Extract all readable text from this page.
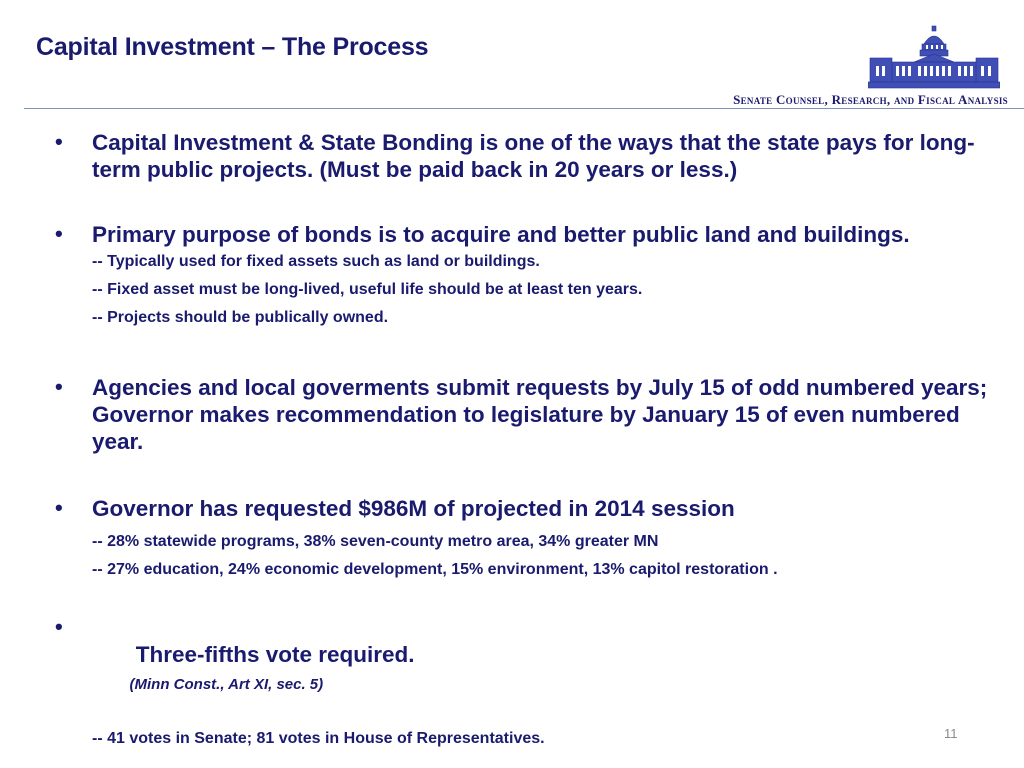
Capital Investment – The Process
Senate Counsel, Research, and Fiscal Analysis
• Capital Investment & State Bonding is one of the ways that the state pays for long-term public projects. (Must be paid back in 20 years or less.)
• Primary purpose of bonds is to acquire and better public land and buildings.
-- Typically used for fixed assets such as land or buildings.
-- Fixed asset must be long-lived, useful life should be at least ten years.
-- Projects should be publically owned.
• Agencies and local goverments submit requests by July 15 of odd numbered years; Governor makes recommendation to legislature by January 15 of even numbered year.
• Governor has requested $986M of projected in 2014 session
-- 28% statewide programs, 38% seven-county metro area, 34% greater MN
-- 27% education, 24% economic development, 15% environment, 13% capitol restoration .
•

Three-fifths vote required.
(Minn Const., Art XI, sec. 5)

-- 41 votes in Senate; 81 votes in House of Representatives.	11
